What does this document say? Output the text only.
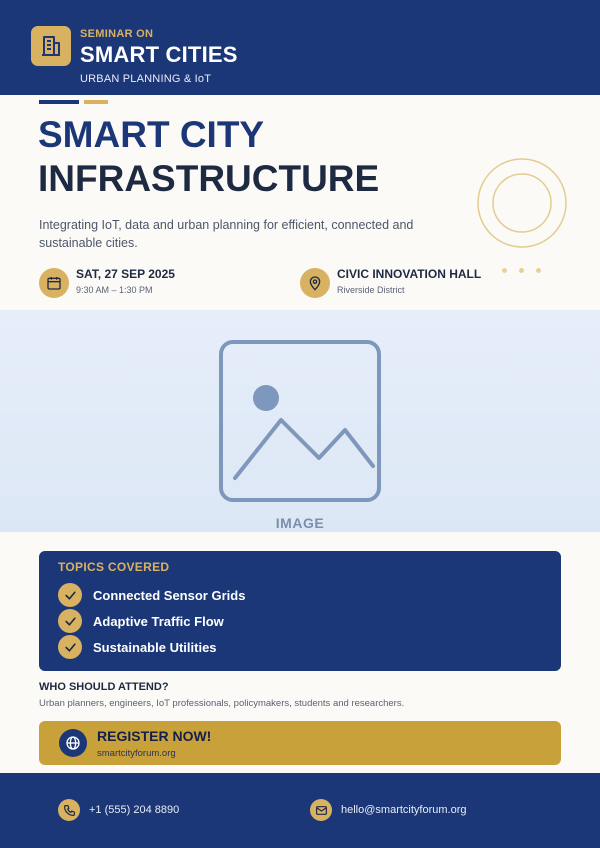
SEMINAR ON
SMART CITIES
URBAN PLANNING & IoT
SMART CITY
INFRASTRUCTURE
Integrating IoT, data and urban planning for efficient, connected and sustainable cities.
SAT, 27 SEP 2025
9:30 AM – 1:30 PM
CIVIC INNOVATION HALL
Riverside District
IMAGE
TOPICS COVERED
Connected Sensor Grids
Adaptive Traffic Flow
Sustainable Utilities
WHO SHOULD ATTEND?
Urban planners, engineers, IoT professionals, policymakers, students and researchers.
REGISTER NOW!
smartcityforum.org
+1 (555) 204 8890	hello@smartcityforum.org
